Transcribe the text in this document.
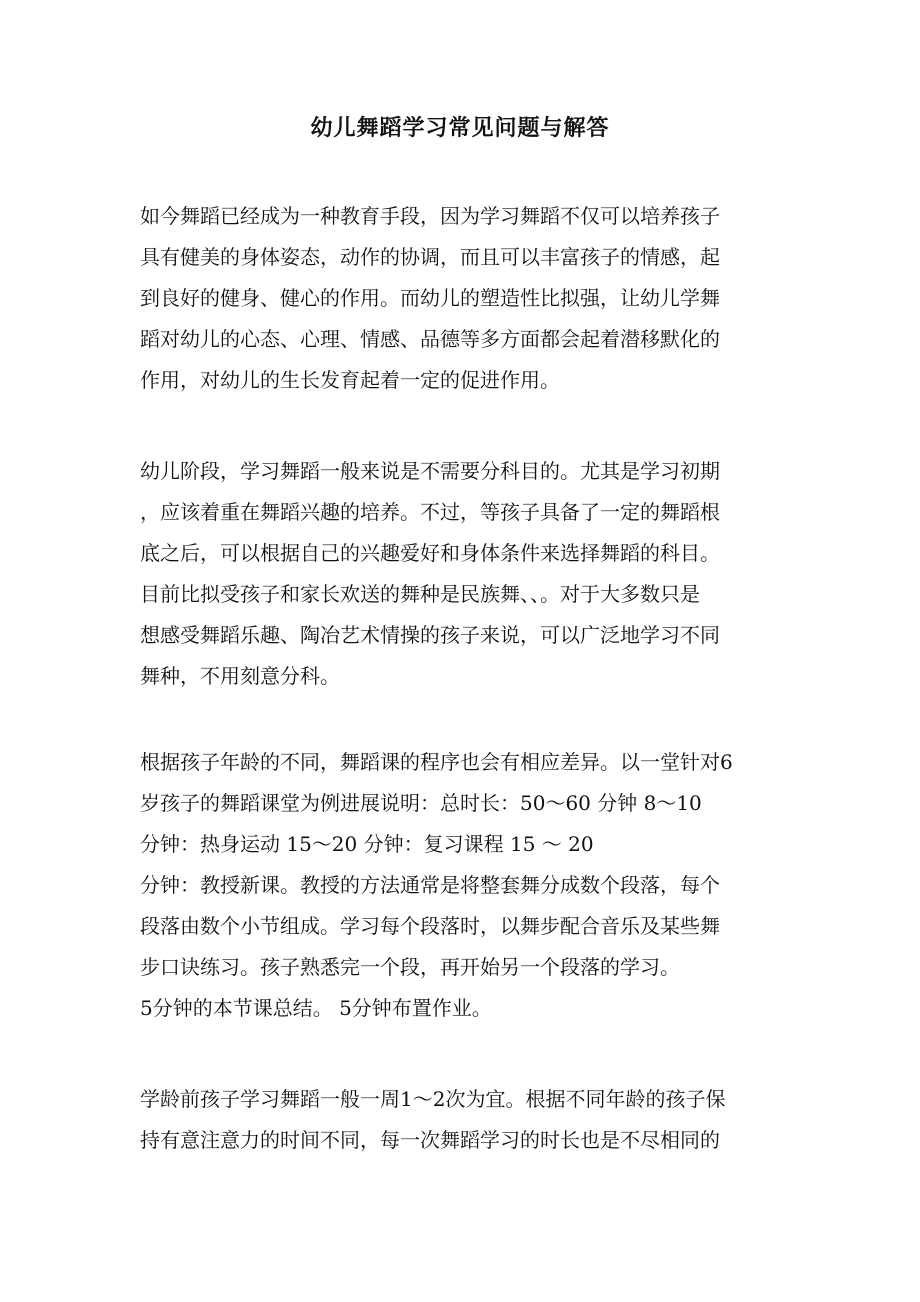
幼儿舞蹈学习常见问题与解答
如今舞蹈已经成为一种教育手段，因为学习舞蹈不仅可以培养孩子
具有健美的身体姿态，动作的协调，而且可以丰富孩子的情感，起
到良好的健身、健心的作用。而幼儿的塑造性比拟强，让幼儿学舞
蹈对幼儿的心态、心理、情感、品德等多方面都会起着潜移默化的
作用，对幼儿的生长发育起着一定的促进作用。
幼儿阶段，学习舞蹈一般来说是不需要分科目的。尤其是学习初期
，应该着重在舞蹈兴趣的培养。不过，等孩子具备了一定的舞蹈根
底之后，可以根据自己的兴趣爱好和身体条件来选择舞蹈的科目。
目前比拟受孩子和家长欢送的舞种是民族舞、、。对于大多数只是
想感受舞蹈乐趣、陶冶艺术情操的孩子来说，可以广泛地学习不同
舞种，不用刻意分科。
根据孩子年龄的不同，舞蹈课的程序也会有相应差异。以一堂针对6
岁孩子的舞蹈课堂为例进展说明：总时长：50～60 分钟 8～10
分钟：热身运动 15～20 分钟：复习课程 15 ～ 20
分钟：教授新课。教授的方法通常是将整套舞分成数个段落，每个
段落由数个小节组成。学习每个段落时，以舞步配合音乐及某些舞
步口诀练习。孩子熟悉完一个段，再开始另一个段落的学习。
5分钟的本节课总结。 5分钟布置作业。
学龄前孩子学习舞蹈一般一周1～2次为宜。根据不同年龄的孩子保
持有意注意力的时间不同，每一次舞蹈学习的时长也是不尽相同的
